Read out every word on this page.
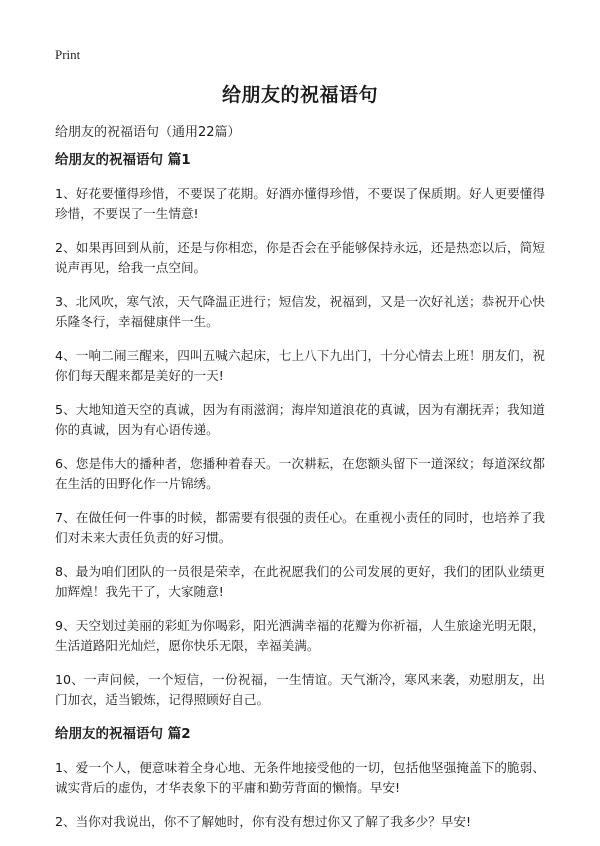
Print
给朋友的祝福语句

给朋友的祝福语句（通用22篇）

给朋友的祝福语句 篇1

1、好花要懂得珍惜，不要误了花期。好酒亦懂得珍惜，不要误了保质期。好人更要懂得珍惜，不要误了一生情意!

2、如果再回到从前，还是与你相恋，你是否会在乎能够保持永远，还是热恋以后，简短说声再见，给我一点空间。

3、北风吹，寒气浓，天气降温正进行；短信发，祝福到，又是一次好礼送；恭祝开心快乐隆冬行，幸福健康伴一生。

4、一响二闹三醒来，四叫五喊六起床，七上八下九出门，十分心情去上班！朋友们，祝你们每天醒来都是美好的一天!

5、大地知道天空的真诚，因为有雨滋润；海岸知道浪花的真诚，因为有潮抚弄；我知道你的真诚，因为有心语传递。

6、您是伟大的播种者，您播种着春天。一次耕耘，在您额头留下一道深纹；每道深纹都在生活的田野化作一片锦绣。

7、在做任何一件事的时候，都需要有很强的责任心。在重视小责任的同时，也培养了我们对未来大责任负责的好习惯。

8、最为咱们团队的一员很是荣幸，在此祝愿我们的公司发展的更好，我们的团队业绩更加辉煌！我先干了，大家随意!

9、天空划过美丽的彩虹为你喝彩，阳光洒满幸福的花瓣为你祈福，人生旅途光明无限，生活道路阳光灿烂，愿你快乐无限，幸福美满。

10、一声问候，一个短信，一份祝福，一生情谊。天气渐冷，寒风来袭，劝慰朋友，出门加衣，适当锻炼，记得照顾好自己。

给朋友的祝福语句 篇2

1、爱一个人，便意味着全身心地、无条件地接受他的一切，包括他坚强掩盖下的脆弱、诚实背后的虚伪，才华表象下的平庸和勤劳背面的懒惰。早安!

2、当你对我说出，你不了解她时，你有没有想过你又了解了我多少？早安!
